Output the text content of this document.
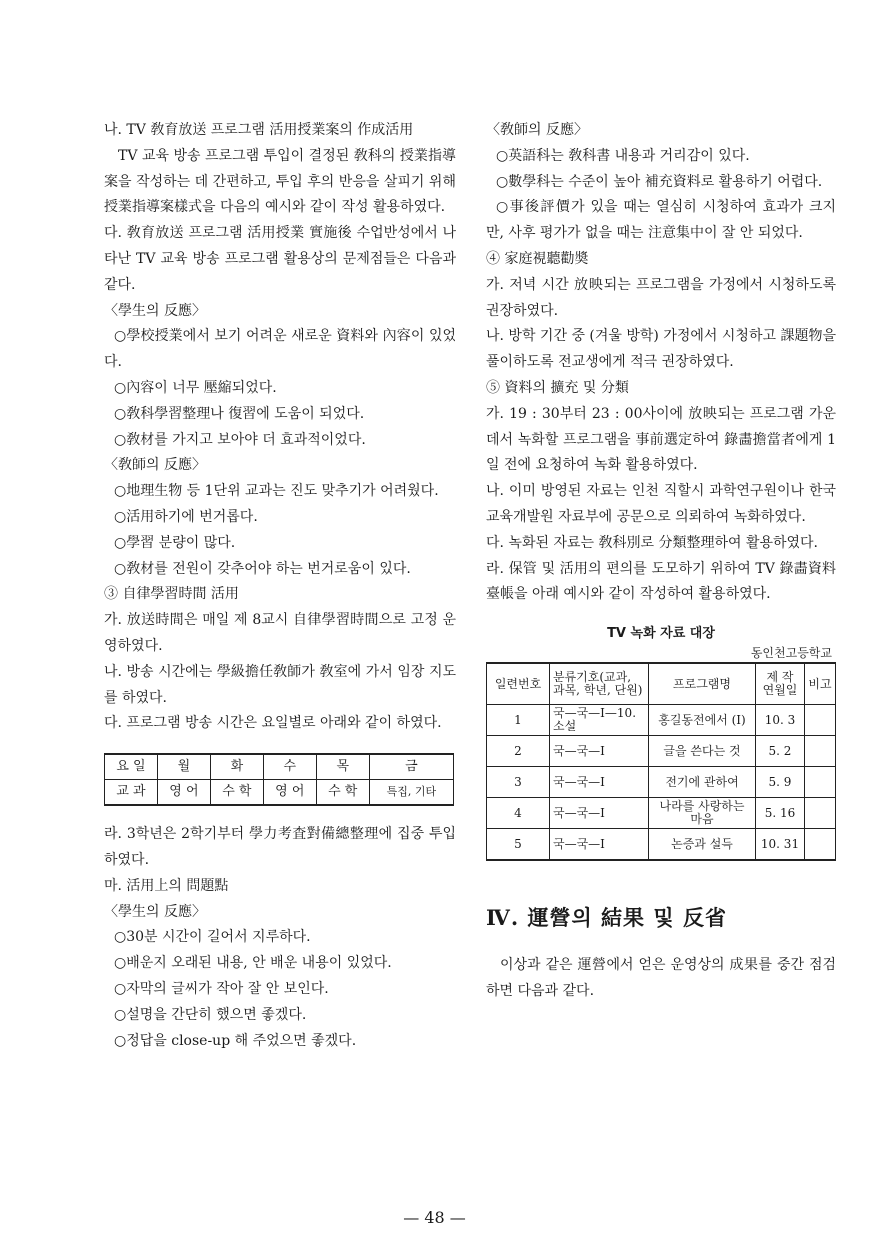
나. TV 敎育放送 프로그램 活用授業案의 作成活用

TV 교육 방송 프로그램 투입이 결정된 敎科의 授業指導案을 작성하는 데 간편하고, 투입 후의 반응을 살피기 위해 授業指導案樣式을 다음의 예시와 같이 작성 활용하였다.

다. 敎育放送 프로그램 活用授業 實施後 수업반성에서 나타난 TV 교육 방송 프로그램 활용상의 문제점들은 다음과 같다.

〈學生의 反應〉

○學校授業에서 보기 어려운 새로운 資料와 內容이 있었다.

○內容이 너무 壓縮되었다.

○敎科學習整理나 復習에 도움이 되었다.

○敎材를 가지고 보아야 더 효과적이었다.

〈敎師의 反應〉

○地理生物 등 1단위 교과는 진도 맞추기가 어려웠다.

○活用하기에 번거롭다.

○學習 분량이 많다.

○敎材를 전원이 갖추어야 하는 번거로움이 있다.

③ 自律學習時間 活用

가. 放送時間은 매일 제 8교시 自律學習時間으로 고정 운영하였다.

나. 방송 시간에는 學級擔任敎師가 敎室에 가서 임장 지도를 하였다.

다. 프로그램 방송 시간은 요일별로 아래와 같이 하였다.

요 일	월	화	수	목	금
교 과	영 어	수 학	영 어	수 학	특집, 기타

라. 3학년은 2학기부터 學力考査對備總整理에 집중 투입하였다.

마. 活用上의 問題點

〈學生의 反應〉

○30분 시간이 길어서 지루하다.

○배운지 오래된 내용, 안 배운 내용이 있었다.

○자막의 글씨가 작아 잘 안 보인다.

○설명을 간단히 했으면 좋겠다.

○정답을 close-up 해 주었으면 좋겠다.

〈敎師의 反應〉

○英語科는 敎科書 내용과 거리감이 있다.

○數學科는 수준이 높아 補充資料로 활용하기 어렵다.

○事後評價가 있을 때는 열심히 시청하여 효과가 크지만, 사후 평가가 없을 때는 注意集中이 잘 안 되었다.

④ 家庭視聽勸奬

가. 저녁 시간 放映되는 프로그램을 가정에서 시청하도록 권장하였다.

나. 방학 기간 중 (겨울 방학) 가정에서 시청하고 課題物을 풀이하도록 전교생에게 적극 권장하였다.

⑤ 資料의 擴充 및 分類

가. 19 : 30부터 23 : 00사이에 放映되는 프로그램 가운데서 녹화할 프로그램을 事前選定하여 錄畵擔當者에게 1일 전에 요청하여 녹화 활용하였다.

나. 이미 방영된 자료는 인천 직할시 과학연구원이나 한국교육개발원 자료부에 공문으로 의뢰하여 녹화하였다.

다. 녹화된 자료는 敎科別로 分類整理하여 활용하였다.

라. 保管 및 活用의 편의를 도모하기 위하여 TV 錄畵資料臺帳을 아래 예시와 같이 작성하여 활용하였다.

TV 녹화 자료 대장
동인천고등학교
일련번호	분류기호(교과, 과목, 학년, 단원)	프로그램명	제 작 연월일	비고
1	국—국—Ⅰ—10. 소설	홍길동전에서 (Ⅰ)	10. 3	
2	국—국—Ⅰ	글을 쓴다는 것	5. 2	
3	국—국—Ⅰ	전기에 관하여	5. 9	
4	국—국—Ⅰ	나라를 사랑하는 마음	5. 16	
5	국—국—Ⅰ	논증과 설득	10. 31	
Ⅳ. 運營의 結果 및 反省

이상과 같은 運營에서 얻은 운영상의 成果를 중간 점검하면 다음과 같다.

— 48 —
